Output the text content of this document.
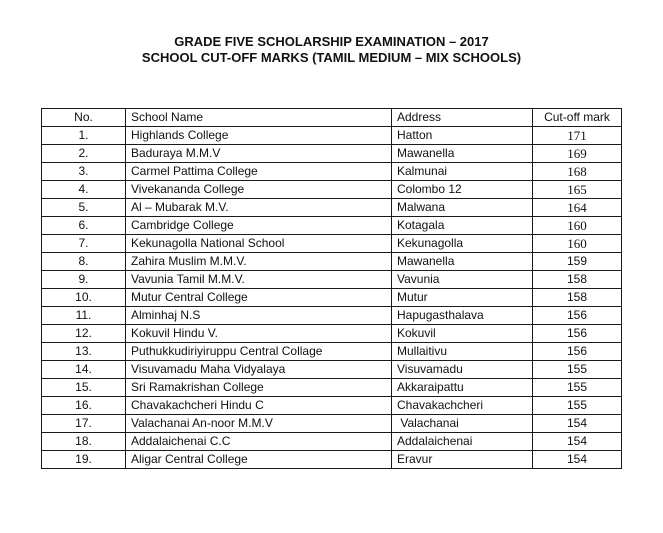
GRADE FIVE SCHOLARSHIP EXAMINATION – 2017
SCHOOL CUT-OFF MARKS (TAMIL MEDIUM – MIX SCHOOLS)
No.	School Name	Address	Cut-off mark
1.	Highlands College	Hatton	171
2.	Baduraya M.M.V	Mawanella	169
3.	Carmel Pattima College	Kalmunai	168
4.	Vivekananda College	Colombo 12	165
5.	Al – Mubarak M.V.	Malwana	164
6.	Cambridge College	Kotagala	160
7.	Kekunagolla National School	Kekunagolla	160
8.	Zahira Muslim M.M.V.	Mawanella	159
9.	Vavunia Tamil M.M.V.	Vavunia	158
10.	Mutur Central College	Mutur	158
11.	Alminhaj N.S	Hapugasthalava	156
12.	Kokuvil Hindu V.	Kokuvil	156
13.	Puthukkudiriyiruppu Central Collage	Mullaitivu	156
14.	Visuvamadu Maha Vidyalaya	Visuvamadu	155
15.	Sri Ramakrishan College	Akkaraipattu	155
16.	Chavakachcheri Hindu C	Chavakachcheri	155
17.	Valachanai An-noor M.M.V	Valachanai	154
18.	Addalaichenai C.C	Addalaichenai	154
19.	Aligar Central College	Eravur	154
